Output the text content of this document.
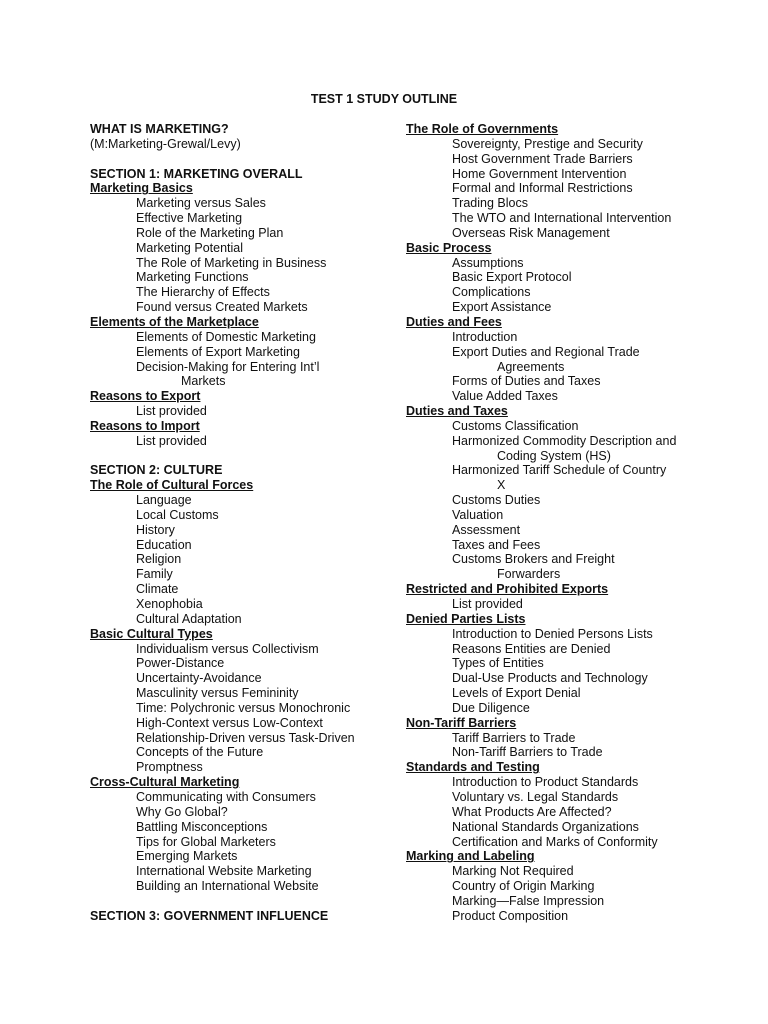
TEST 1 STUDY OUTLINE
WHAT IS MARKETING?
(M:Marketing-Grewal/Levy)
SECTION 1: MARKETING OVERALL
Marketing Basics
Marketing versus Sales
Effective Marketing
Role of the Marketing Plan
Marketing Potential
The Role of Marketing in Business
Marketing Functions
The Hierarchy of Effects
Found versus Created Markets
Elements of the Marketplace
Elements of Domestic Marketing
Elements of Export Marketing
Decision-Making for Entering Int’l
Markets
Reasons to Export
List provided
Reasons to Import
List provided
SECTION 2: CULTURE
The Role of Cultural Forces
Language
Local Customs
History
Education
Religion
Family
Climate
Xenophobia
Cultural Adaptation
Basic Cultural Types
Individualism versus Collectivism
Power-Distance
Uncertainty-Avoidance
Masculinity versus Femininity
Time: Polychronic versus Monochronic
High-Context versus Low-Context
Relationship-Driven versus Task-Driven
Concepts of the Future
Promptness
Cross-Cultural Marketing
Communicating with Consumers
Why Go Global?
Battling Misconceptions
Tips for Global Marketers
Emerging Markets
International Website Marketing
Building an International Website
SECTION 3: GOVERNMENT INFLUENCE
The Role of Governments
Sovereignty, Prestige and Security
Host Government Trade Barriers
Home Government Intervention
Formal and Informal Restrictions
Trading Blocs
The WTO and International Intervention
Overseas Risk Management
Basic Process
Assumptions
Basic Export Protocol
Complications
Export Assistance
Duties and Fees
Introduction
Export Duties and Regional Trade
Agreements
Forms of Duties and Taxes
Value Added Taxes
Duties and Taxes
Customs Classification
Harmonized Commodity Description and
Coding System (HS)
Harmonized Tariff Schedule of Country
X
Customs Duties
Valuation
Assessment
Taxes and Fees
Customs Brokers and Freight
Forwarders
Restricted and Prohibited Exports
List provided
Denied Parties Lists
Introduction to Denied Persons Lists
Reasons Entities are Denied
Types of Entities
Dual-Use Products and Technology
Levels of Export Denial
Due Diligence
Non-Tariff Barriers
Tariff Barriers to Trade
Non-Tariff Barriers to Trade
Standards and Testing
Introduction to Product Standards
Voluntary vs. Legal Standards
What Products Are Affected?
National Standards Organizations
Certification and Marks of Conformity
Marking and Labeling
Marking Not Required
Country of Origin Marking
Marking—False Impression
Product Composition
